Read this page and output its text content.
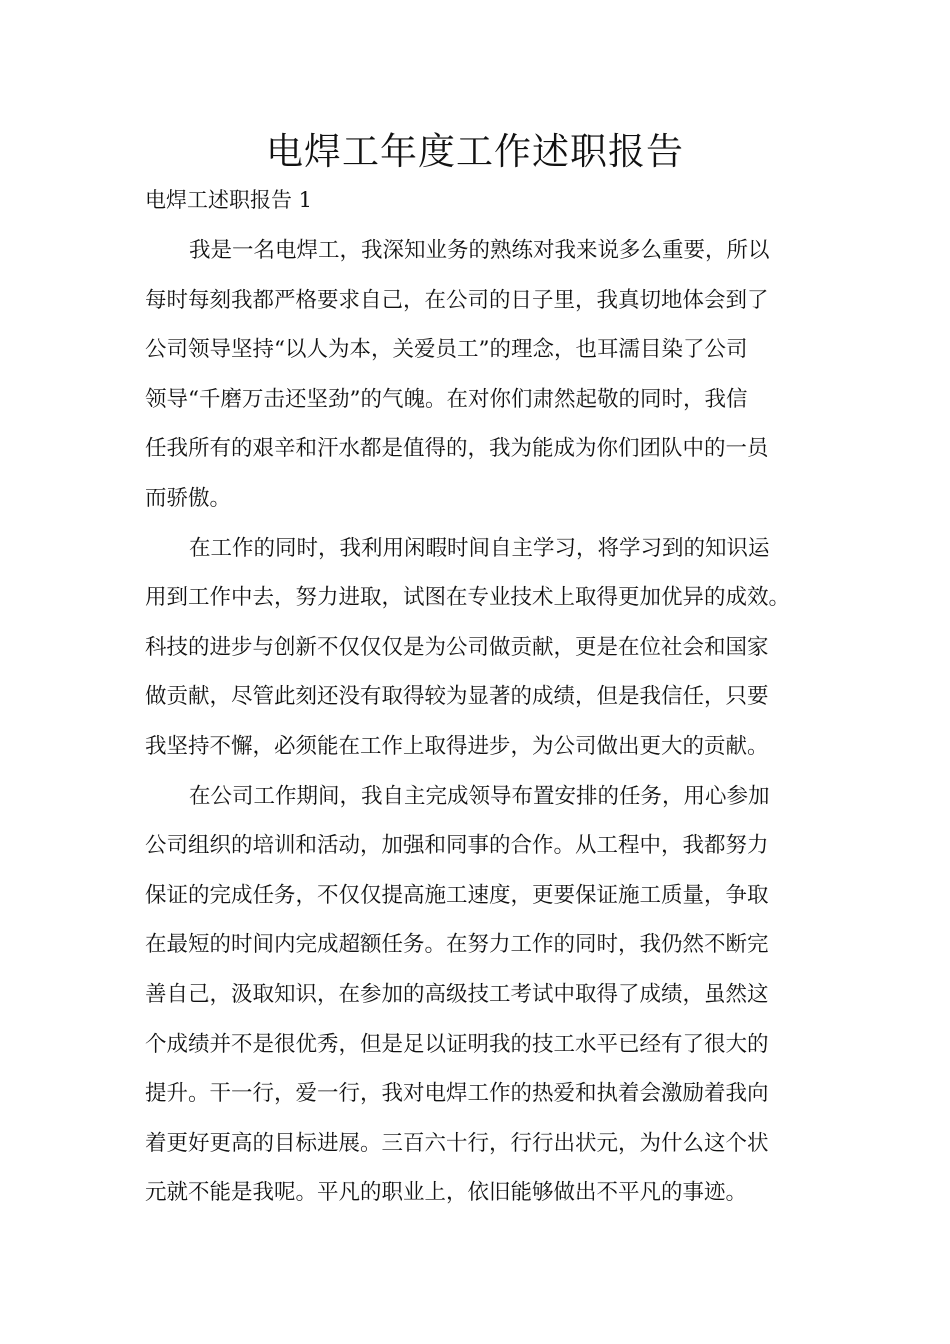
电焊工年度工作述职报告
电焊工述职报告 1
我是一名电焊工，我深知业务的熟练对我来说多么重要，所以
每时每刻我都严格要求自己，在公司的日子里，我真切地体会到了
公司领导坚持“以人为本，关爱员工”的理念，也耳濡目染了公司
领导“千磨万击还坚劲”的气魄。在对你们肃然起敬的同时，我信
任我所有的艰辛和汗水都是值得的，我为能成为你们团队中的一员
而骄傲。
在工作的同时，我利用闲暇时间自主学习，将学习到的知识运
用到工作中去，努力进取，试图在专业技术上取得更加优异的成效。
科技的进步与创新不仅仅仅是为公司做贡献，更是在位社会和国家
做贡献，尽管此刻还没有取得较为显著的成绩，但是我信任，只要
我坚持不懈，必须能在工作上取得进步，为公司做出更大的贡献。
在公司工作期间，我自主完成领导布置安排的任务，用心参加
公司组织的培训和活动，加强和同事的合作。从工程中，我都努力
保证的完成任务，不仅仅提高施工速度，更要保证施工质量，争取
在最短的时间内完成超额任务。在努力工作的同时，我仍然不断完
善自己，汲取知识，在参加的高级技工考试中取得了成绩，虽然这
个成绩并不是很优秀，但是足以证明我的技工水平已经有了很大的
提升。干一行，爱一行，我对电焊工作的热爱和执着会激励着我向
着更好更高的目标进展。三百六十行，行行出状元，为什么这个状
元就不能是我呢。平凡的职业上，依旧能够做出不平凡的事迹。
